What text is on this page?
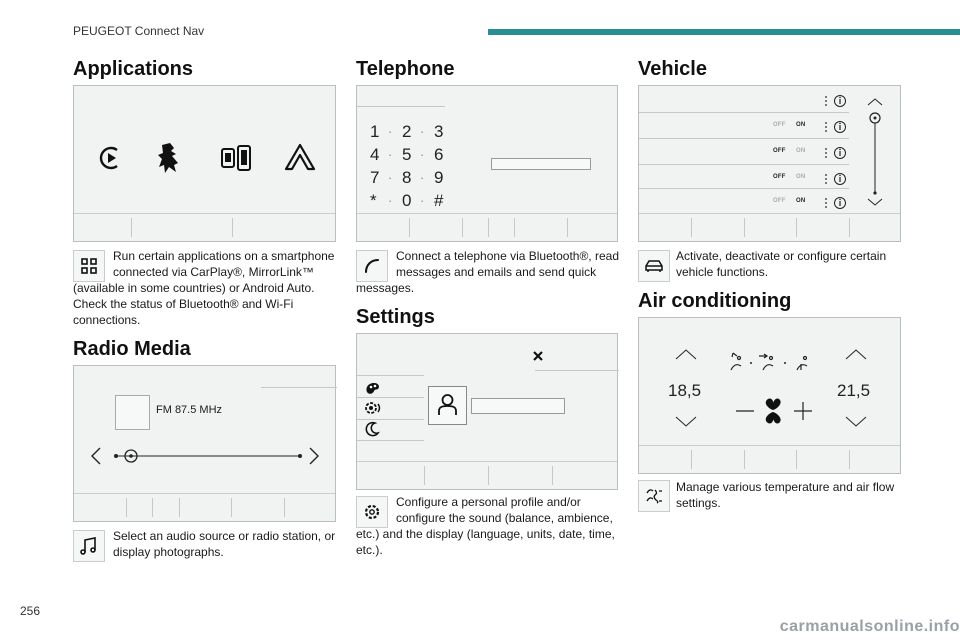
PEUGEOT Connect Nav
256
carmanualsonline.info
Applications
Run certain applications on a smartphone
connected via CarPlay®, MirrorLink™
(available in some countries) or Android Auto.
Check the status of Bluetooth® and Wi-Fi
connections.
Radio Media
FM 87.5 MHz
Select an audio source or radio station, or
display photographs.
Telephone
1 · 2 · 3
4 · 5 · 6
7 · 8 · 9
* · 0 · #
Connect a telephone via Bluetooth®, read
messages and emails and send quick
messages.
Settings
Configure a personal profile and/or
configure the sound (balance, ambience,
etc.) and the display (language, units, date, time,
etc.).
Vehicle
OFF ON
OFF ON
OFF ON
OFF ON
Activate, deactivate or configure certain
vehicle functions.
Air conditioning
18,5	21,5
Manage various temperature and air flow
settings.
